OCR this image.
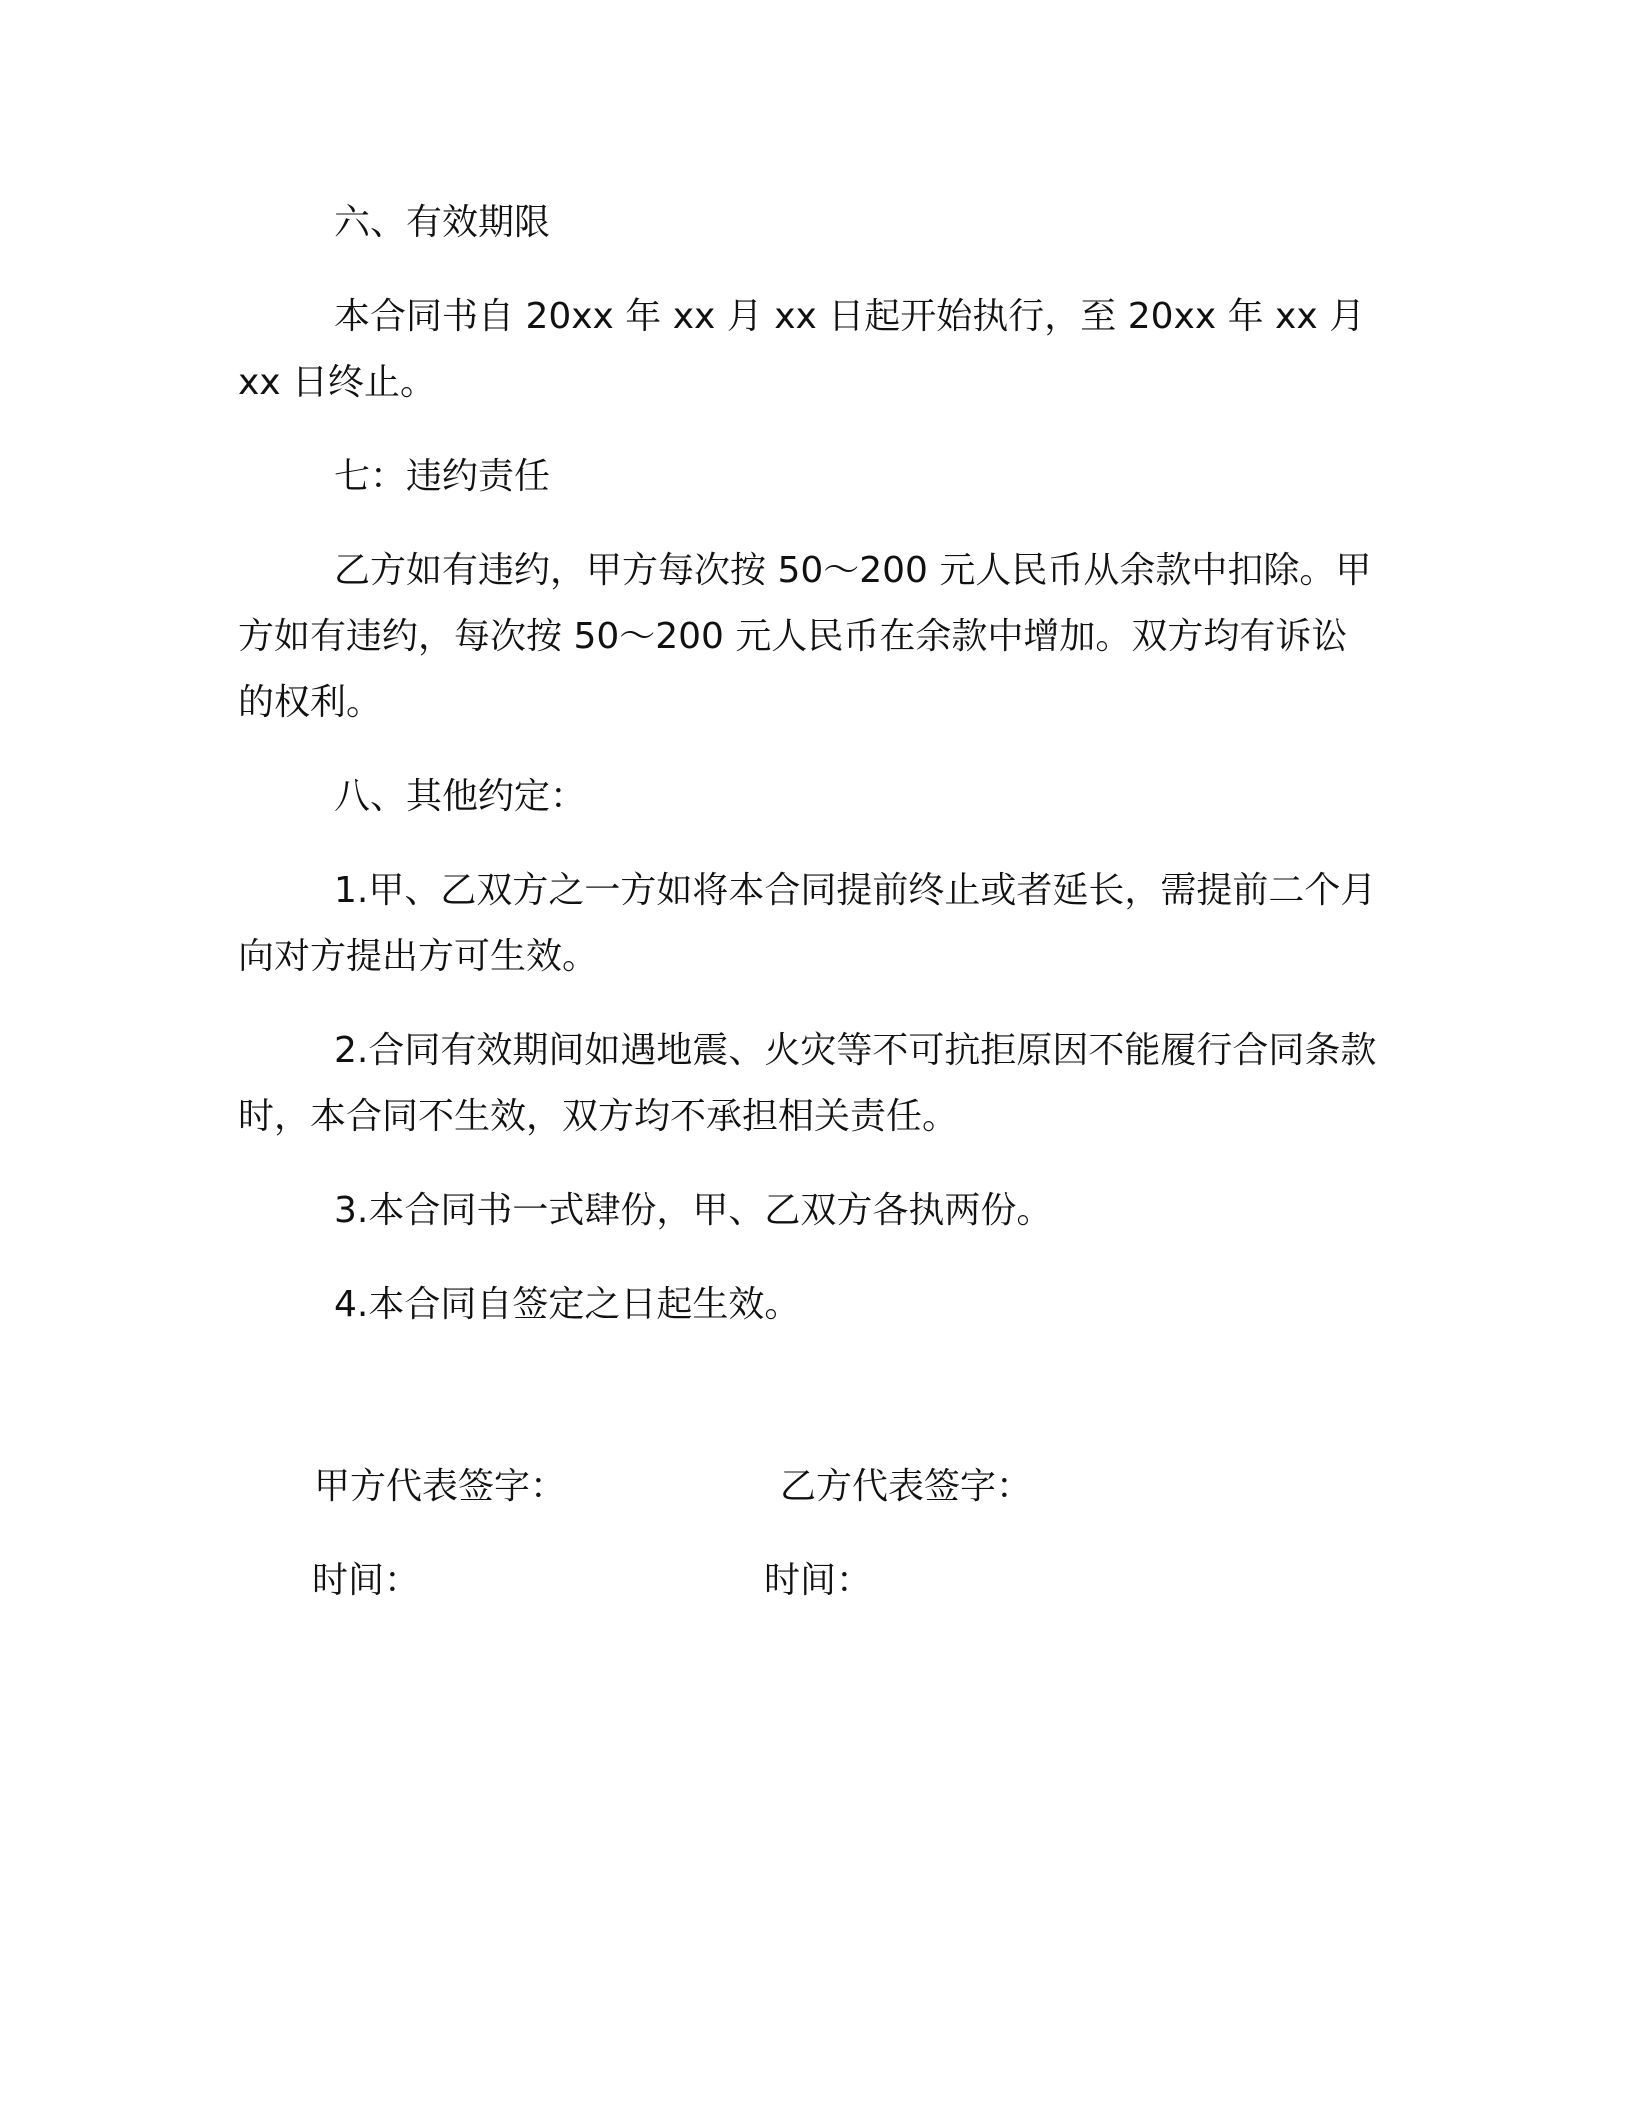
六、有效期限

本合同书自 20xx 年 xx 月 xx 日起开始执行，至 20xx 年 xx 月 xx 日终止。

七：违约责任

乙方如有违约，甲方每次按 50～200 元人民币从余款中扣除。甲方如有违约，每次按 50～200 元人民币在余款中增加。双方均有诉讼的权利。

八、其他约定：

1.甲、乙双方之一方如将本合同提前终止或者延长，需提前二个月向对方提出方可生效。

2.合同有效期间如遇地震、火灾等不可抗拒原因不能履行合同条款时，本合同不生效，双方均不承担相关责任。

3.本合同书一式肆份，甲、乙双方各执两份。

4.本合同自签定之日起生效。

甲方代表签字：	乙方代表签字：
时间：	时间：
